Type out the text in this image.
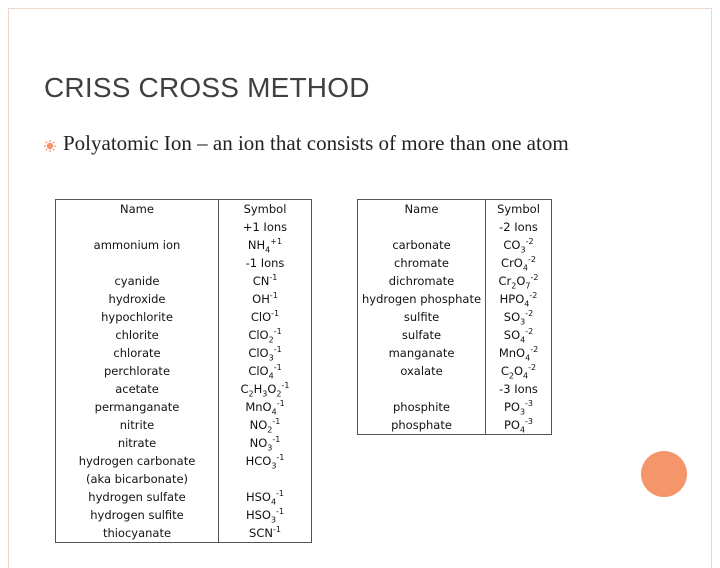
CRISS CROSS METHOD
Polyatomic Ion – an ion that consists of more than one atom
Name
ammonium ion
cyanide
hydroxide
hypochlorite
chlorite
chlorate
perchlorate
acetate
permanganate
nitrite
nitrate
hydrogen carbonate
(aka bicarbonate)
hydrogen sulfate
hydrogen sulfite
thiocyanate
Symbol
+1 Ions
$NH_4^{+1}$
-1 Ions
$CN^{-1}$
$OH^{-1}$
ClO$^{-1}$
ClO$_2^{-1}$
ClO$_3^{-1}$
ClO$_4^{-1}$
$C_2H_3O_2^{-1}$
MnO$_4^{-1}$
$NO_2^{-1}$
$NO_3^{-1}$
$HCO_3^{-1}$
$HSO_4^{-1}$
$HSO_3^{-1}$
$SCN^{-1}$
Name
carbonate
chromate
dichromate
hydrogen phosphate
sulfite
sulfate
manganate
oxalate
phosphite
phosphate
Symbol
-2 Ions
$CO_3^{-2}$
CrO$_4^{-2}$
$Cr_2O_7^{-2}$
$HPO_4^{-2}$
$SO_3^{-2}$
$SO_4^{-2}$
MnO$_4^{-2}$
$C_2O_4^{-2}$
-3 Ions
$PO_3^{-3}$
$PO_4^{-3}$
